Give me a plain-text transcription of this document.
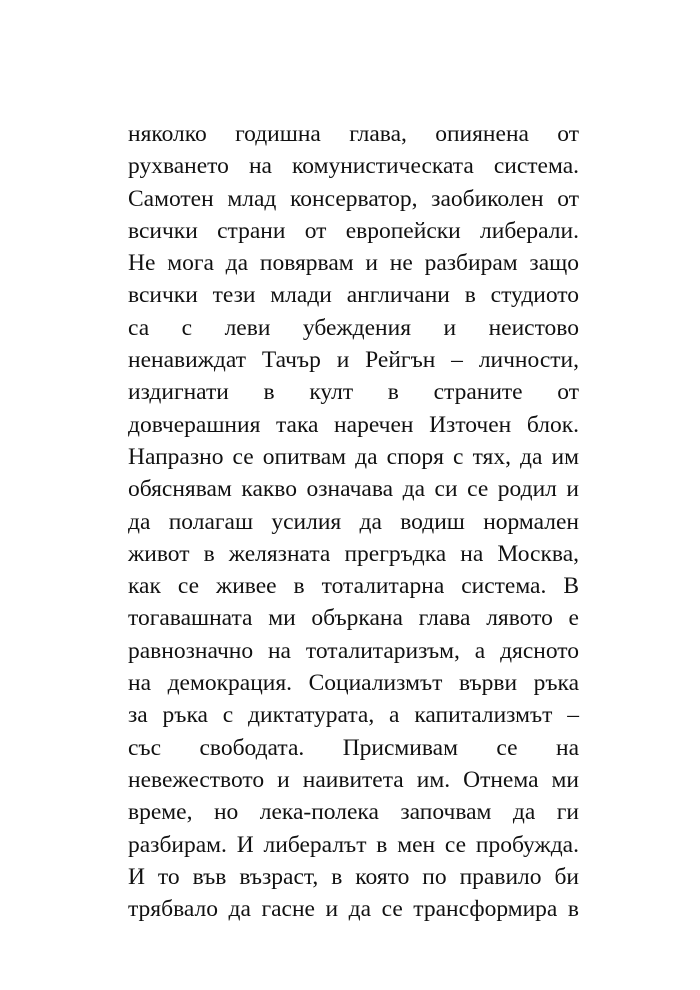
няколко годишна глава, опиянена от
рухването на комунистическата система.
Самотен млад консерватор, заобиколен от
всички страни от европейски либерали.
Не мога да повярвам и не разбирам защо
всички тези млади англичани в студиото
са с леви убеждения и неистово
ненавиждат Тачър и Рейгън – личности,
издигнати в култ в страните от
довчерашния така наречен Източен блок.
Напразно се опитвам да споря с тях, да им
обяснявам какво означава да си се родил и
да полагаш усилия да водиш нормален
живот в желязната прегръдка на Москва,
как се живее в тоталитарна система. В
тогавашната ми объркана глава лявото е
равнозначно на тоталитаризъм, а дясното
на демокрация. Социализмът върви ръка
за ръка с диктатурата, а капитализмът –
със свободата. Присмивам се на
невежеството и наивитета им. Отнема ми
време, но лека-полека започвам да ги
разбирам. И либералът в мен се пробужда.
И то във възраст, в която по правило би
трябвало да гасне и да се трансформира в
